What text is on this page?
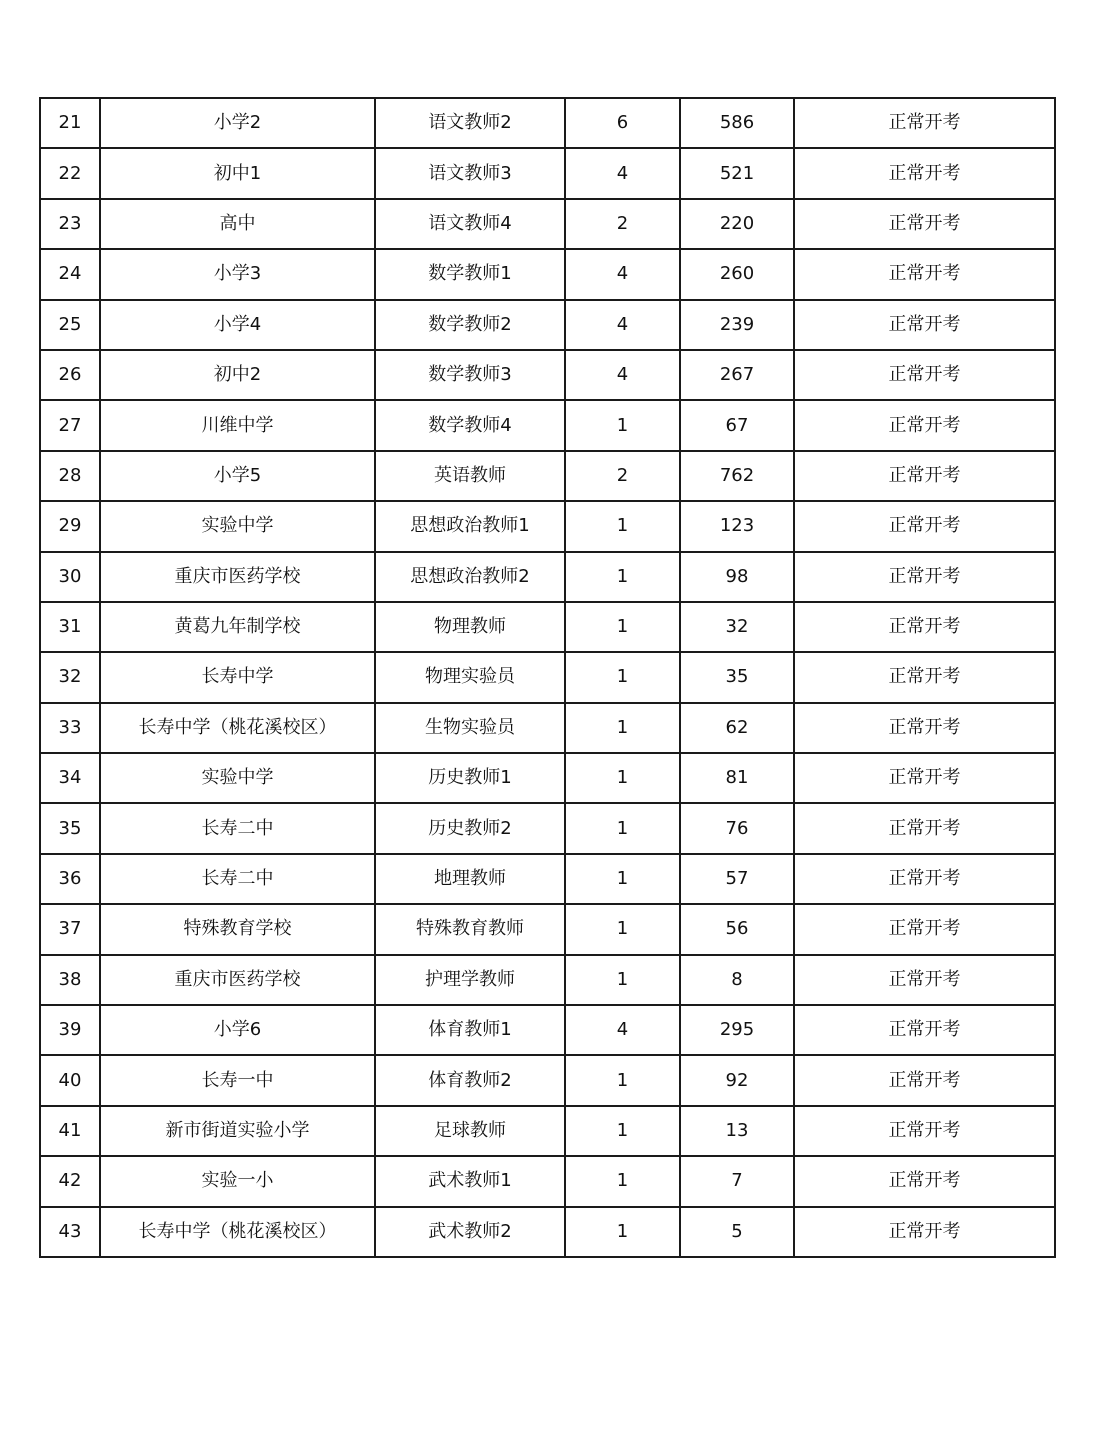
21	小学2	语文教师2	6	586	正常开考
22	初中1	语文教师3	4	521	正常开考
23	高中	语文教师4	2	220	正常开考
24	小学3	数学教师1	4	260	正常开考
25	小学4	数学教师2	4	239	正常开考
26	初中2	数学教师3	4	267	正常开考
27	川维中学	数学教师4	1	67	正常开考
28	小学5	英语教师	2	762	正常开考
29	实验中学	思想政治教师1	1	123	正常开考
30	重庆市医药学校	思想政治教师2	1	98	正常开考
31	黄葛九年制学校	物理教师	1	32	正常开考
32	长寿中学	物理实验员	1	35	正常开考
33	长寿中学（桃花溪校区）	生物实验员	1	62	正常开考
34	实验中学	历史教师1	1	81	正常开考
35	长寿二中	历史教师2	1	76	正常开考
36	长寿二中	地理教师	1	57	正常开考
37	特殊教育学校	特殊教育教师	1	56	正常开考
38	重庆市医药学校	护理学教师	1	8	正常开考
39	小学6	体育教师1	4	295	正常开考
40	长寿一中	体育教师2	1	92	正常开考
41	新市街道实验小学	足球教师	1	13	正常开考
42	实验一小	武术教师1	1	7	正常开考
43	长寿中学（桃花溪校区）	武术教师2	1	5	正常开考
